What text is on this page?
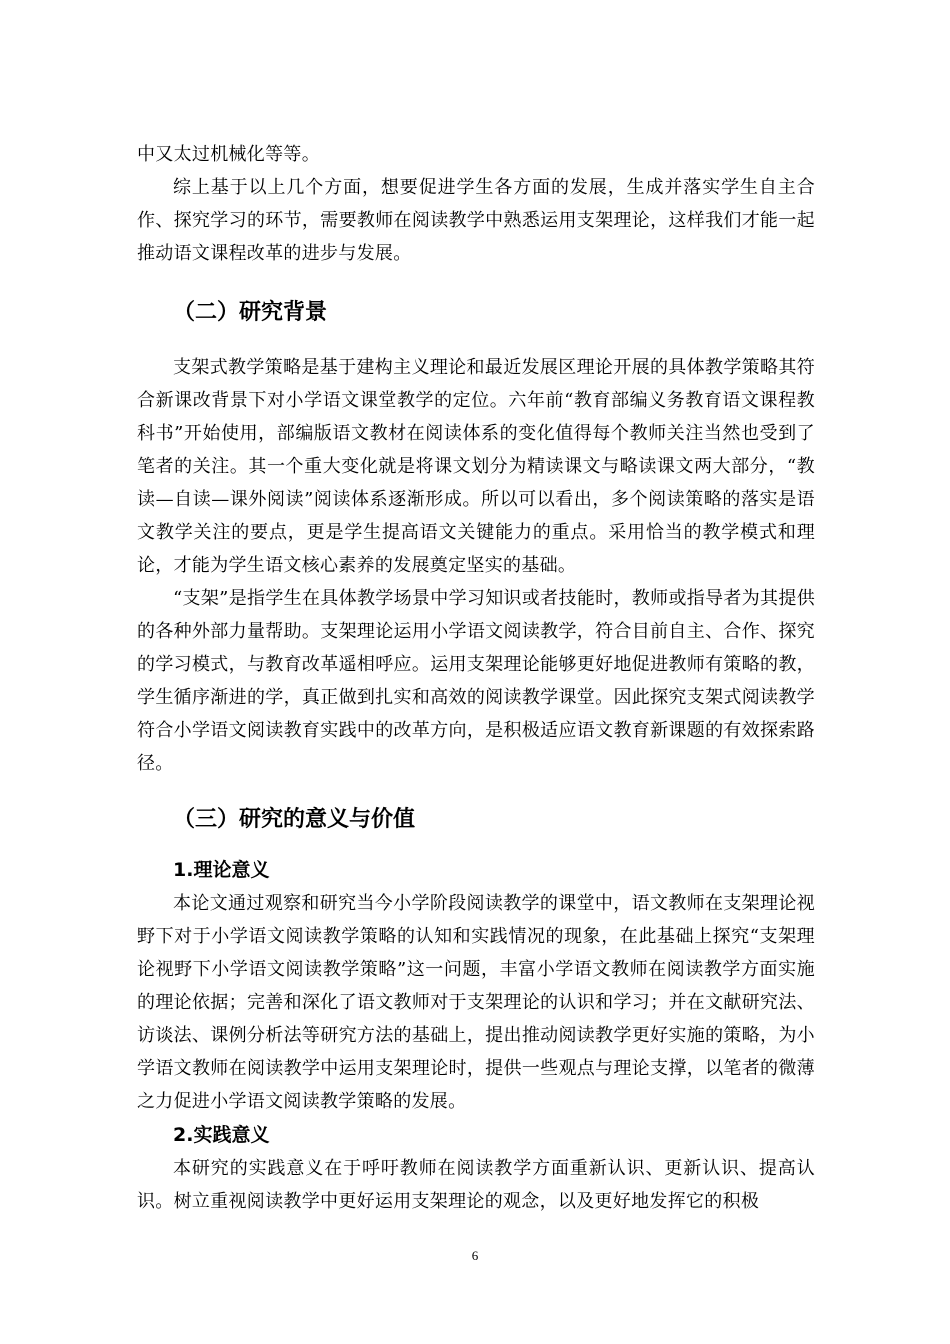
中又太过机械化等等。

综上基于以上几个方面，想要促进学生各方面的发展，生成并落实学生自主合作、探究学习的环节，需要教师在阅读教学中熟悉运用支架理论，这样我们才能一起推动语文课程改革的进步与发展。

（二）研究背景

支架式教学策略是基于建构主义理论和最近发展区理论开展的具体教学策略其符合新课改背景下对小学语文课堂教学的定位。六年前“教育部编义务教育语文课程教科书”开始使用，部编版语文教材在阅读体系的变化值得每个教师关注当然也受到了笔者的关注。其一个重大变化就是将课文划分为精读课文与略读课文两大部分，“教读—自读—课外阅读”阅读体系逐渐形成。所以可以看出，多个阅读策略的落实是语文教学关注的要点，更是学生提高语文关键能力的重点。采用恰当的教学模式和理论，才能为学生语文核心素养的发展奠定坚实的基础。

“支架”是指学生在具体教学场景中学习知识或者技能时，教师或指导者为其提供的各种外部力量帮助。支架理论运用小学语文阅读教学，符合目前自主、合作、探究的学习模式，与教育改革遥相呼应。运用支架理论能够更好地促进教师有策略的教，学生循序渐进的学，真正做到扎实和高效的阅读教学课堂。因此探究支架式阅读教学符合小学语文阅读教育实践中的改革方向，是积极适应语文教育新课题的有效探索路径。

（三）研究的意义与价值
1.理论意义

本论文通过观察和研究当今小学阶段阅读教学的课堂中，语文教师在支架理论视野下对于小学语文阅读教学策略的认知和实践情况的现象，在此基础上探究“支架理论视野下小学语文阅读教学策略”这一问题，丰富小学语文教师在阅读教学方面实施的理论依据；完善和深化了语文教师对于支架理论的认识和学习；并在文献研究法、访谈法、课例分析法等研究方法的基础上，提出推动阅读教学更好实施的策略，为小学语文教师在阅读教学中运用支架理论时，提供一些观点与理论支撑，以笔者的微薄之力促进小学语文阅读教学策略的发展。

2.实践意义

本研究的实践意义在于呼吁教师在阅读教学方面重新认识、更新认识、提高认识。树立重视阅读教学中更好运用支架理论的观念，以及更好地发挥它的积极

6
